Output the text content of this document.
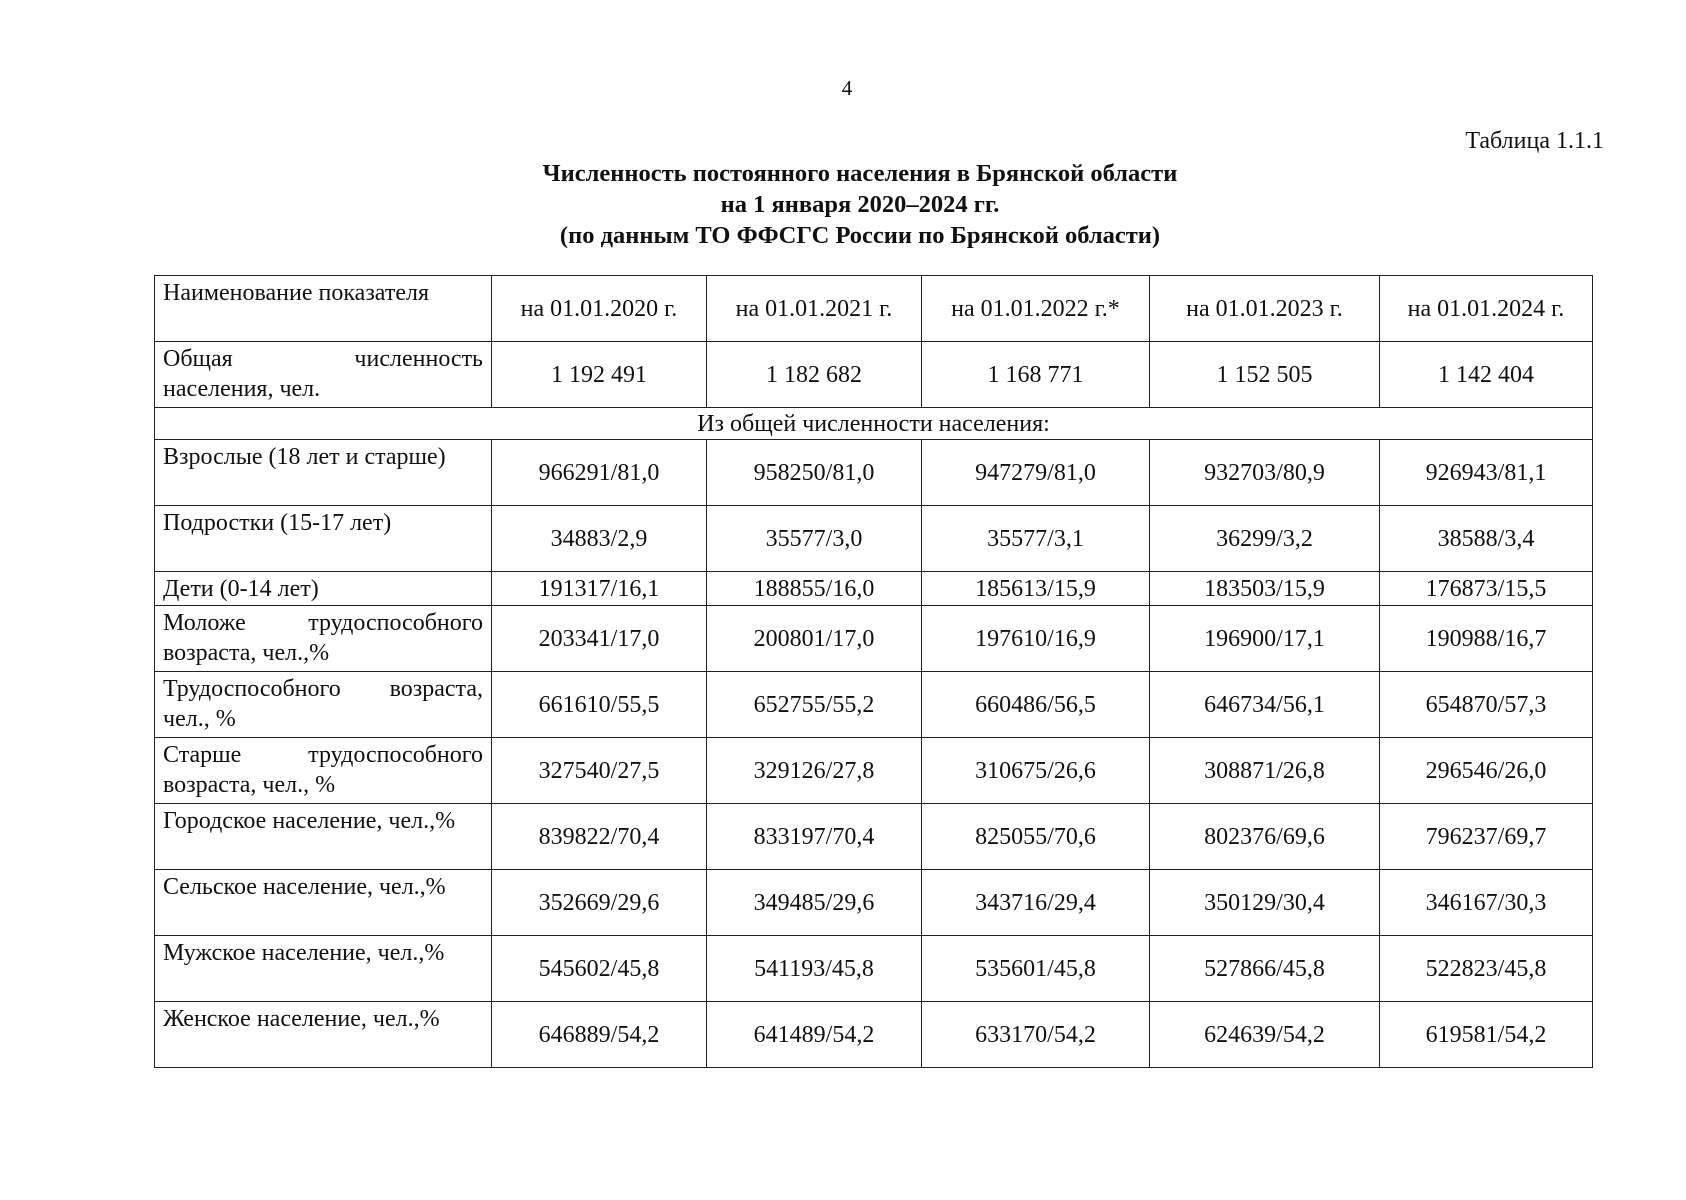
4
Таблица 1.1.1
Численность постоянного населения в Брянской области
на 1 января 2020–2024 гг.
(по данным ТО ФФСГС России по Брянской области)
Наименование показателя	на 01.01.2020 г.	на 01.01.2021 г.	на 01.01.2022 г.*	на 01.01.2023 г.	на 01.01.2024 г.
Общая численность населения, чел.	1 192 491	1 182 682	1 168 771	1 152 505	1 142 404
Из общей численности населения:					
Взрослые (18 лет и старше)	966291/81,0	958250/81,0	947279/81,0	932703/80,9	926943/81,1
Подростки (15-17 лет)	34883/2,9	35577/3,0	35577/3,1	36299/3,2	38588/3,4
Дети (0-14 лет)	191317/16,1	188855/16,0	185613/15,9	183503/15,9	176873/15,5
Моложе трудоспособного возраста, чел.,%	203341/17,0	200801/17,0	197610/16,9	196900/17,1	190988/16,7
Трудоспособного возраста, чел., %	661610/55,5	652755/55,2	660486/56,5	646734/56,1	654870/57,3
Старше трудоспособного возраста, чел., %	327540/27,5	329126/27,8	310675/26,6	308871/26,8	296546/26,0
Городское население, чел.,%	839822/70,4	833197/70,4	825055/70,6	802376/69,6	796237/69,7
Сельское население, чел.,%	352669/29,6	349485/29,6	343716/29,4	350129/30,4	346167/30,3
Мужское население, чел.,%	545602/45,8	541193/45,8	535601/45,8	527866/45,8	522823/45,8
Женское население, чел.,%	646889/54,2	641489/54,2	633170/54,2	624639/54,2	619581/54,2
